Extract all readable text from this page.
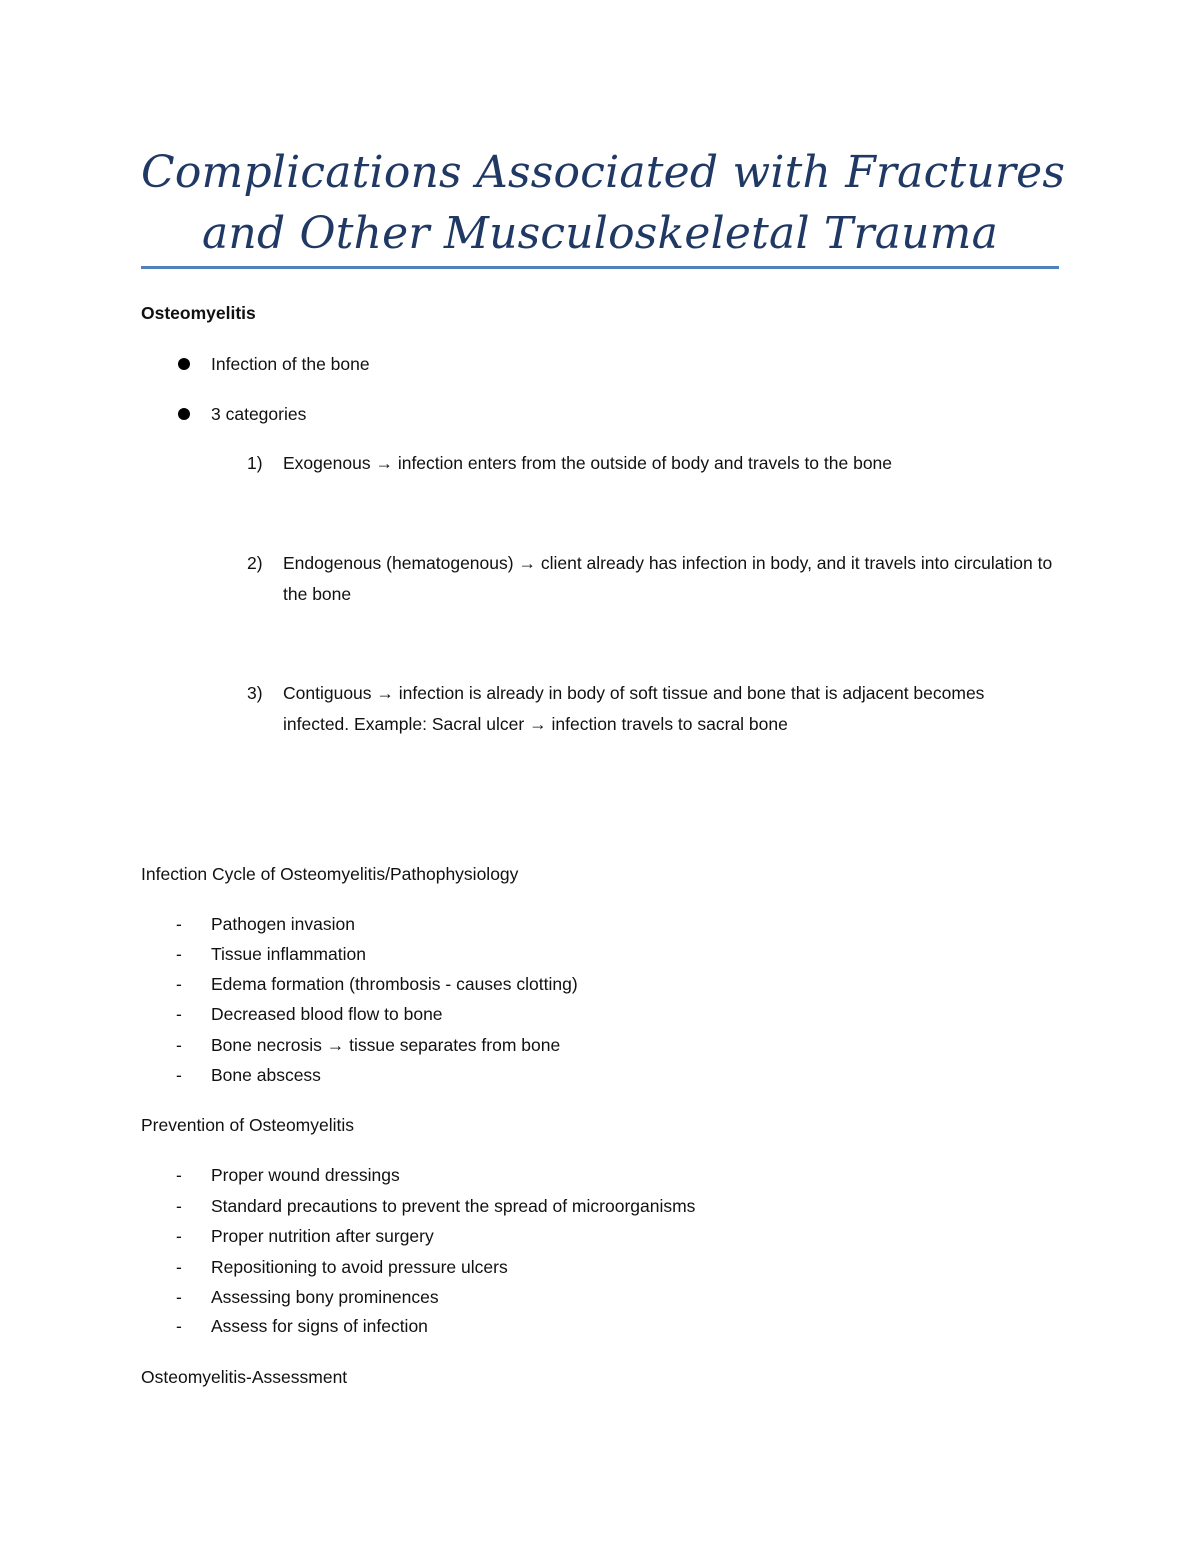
Complications Associated with Fractures
and Other Musculoskeletal Trauma
Osteomyelitis
Infection of the bone
3 categories
1) Exogenous → infection enters from the outside of body and travels to the bone
2) Endogenous (hematogenous) → client already has infection in body, and it travels into circulation to the bone
3) Contiguous → infection is already in body of soft tissue and bone that is adjacent becomes infected. Example: Sacral ulcer → infection travels to sacral bone
Infection Cycle of Osteomyelitis/Pathophysiology
- Pathogen invasion
- Tissue inflammation
- Edema formation (thrombosis - causes clotting)
- Decreased blood flow to bone
- Bone necrosis → tissue separates from bone
- Bone abscess
Prevention of Osteomyelitis
- Proper wound dressings
- Standard precautions to prevent the spread of microorganisms
- Proper nutrition after surgery
- Repositioning to avoid pressure ulcers
- Assessing bony prominences
- Assess for signs of infection
Osteomyelitis-Assessment
